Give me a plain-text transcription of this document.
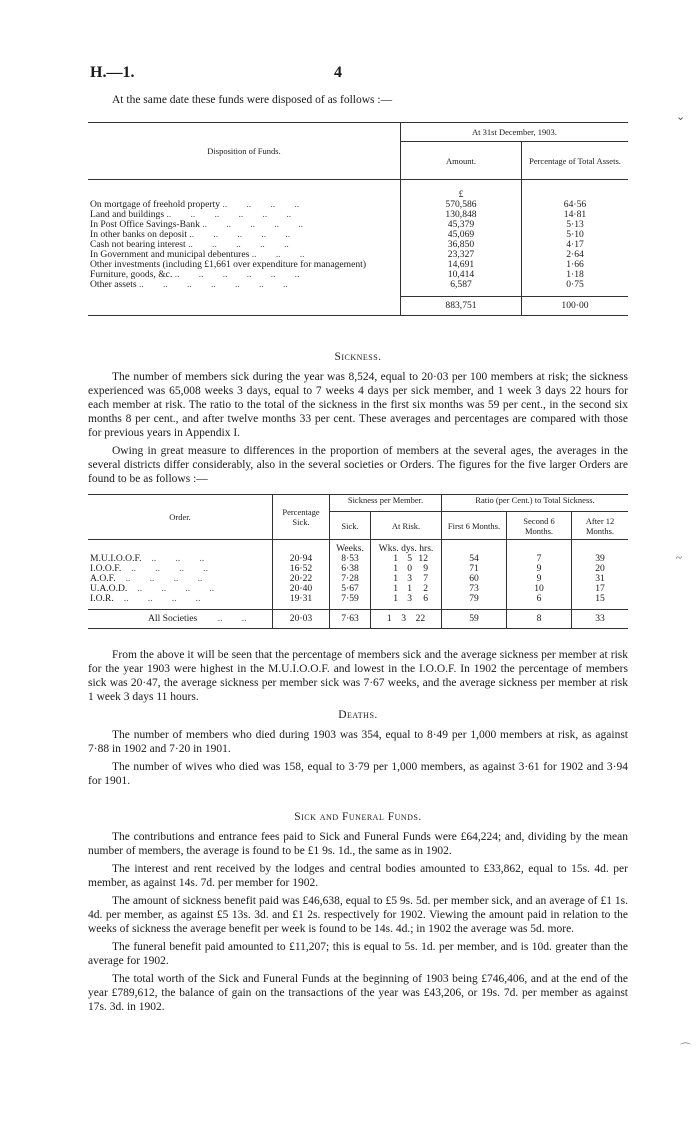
H.—1.	4
At the same date these funds were disposed of as follows :—
Disposition of Funds.	At 31st December, 1903.	
	Amount.	Percentage of Total Assets.
	£	
On mortgage of freehold property ..        ..        ..        ..	570,586	64·56
Land and buildings ..        ..        ..        ..        ..        ..	130,848	14·81
In Post Office Savings-Bank ..        ..        ..        ..        ..	45,379	5·13
In other banks on deposit ..        ..        ..        ..        ..	45,069	5·10
Cash not bearing interest ..        ..        ..        ..        ..	36,850	4·17
In Government and municipal debentures ..        ..        ..	23,327	2·64
Other investments (including £1,661 over expenditure for management)	14,691	1·66
Furniture, goods, &c. ..        ..        ..        ..        ..        ..	10,414	1·18
Other assets ..        ..        ..        ..        ..        ..        ..	6,587	0·75

	883,751	100·00
Sickness.

The number of members sick during the year was 8,524, equal to 20·03 per 100 members at risk; the sickness experienced was 65,008 weeks 3 days, equal to 7 weeks 4 days per sick member, and 1 week 3 days 22 hours for each member at risk. The ratio to the total of the sickness in the first six months was 59 per cent., in the second six months 8 per cent., and after twelve months 33 per cent. These averages and percentages are compared with those for previous years in Appendix I.

Owing in great measure to differences in the proportion of members at the several ages, the averages in the several districts differ considerably, also in the several societies or Orders. The figures for the five larger Orders are found to be as follows :—

Order.	Percentage Sick.	Sickness per Member.		Ratio (per Cent.) to Total Sickness.		
		Sick.	At Risk.	First 6 Months.	Second 6 Months.	After 12 Months.
		Weeks.	Wks. dys. hrs.			
M.U.I.O.O.F. ..        ..        ..	20·94	8·53	1 5 12	54	7	39
I.O.O.F. ..        ..        ..        ..	16·52	6·38	1 0 9	71	9	20
A.O.F. ..        ..        ..        ..	20·22	7·28	1 3 7	60	9	31
U.A.O.D. ..        ..        ..        ..	20·40	5·67	1 1 2	73	10	17
I.O.R. ..        ..        ..        ..	19·31	7·59	1 3 6	79	6	15

All Societies ..        ..	20·03	7·63	1 3 22	59	8	33

From the above it will be seen that the percentage of members sick and the average sickness per member at risk for the year 1903 were highest in the M.U.I.O.O.F. and lowest in the I.O.O.F. In 1902 the percentage of members sick was 20·47, the average sickness per member sick was 7·67 weeks, and the average sickness per member at risk 1 week 3 days 11 hours.

Deaths.

The number of members who died during 1903 was 354, equal to 8·49 per 1,000 members at risk, as against 7·88 in 1902 and 7·20 in 1901.

The number of wives who died was 158, equal to 3·79 per 1,000 members, as against 3·61 for 1902 and 3·94 for 1901.

Sick and Funeral Funds.

The contributions and entrance fees paid to Sick and Funeral Funds were £64,224; and, dividing by the mean number of members, the average is found to be £1 9s. 1d., the same as in 1902.

The interest and rent received by the lodges and central bodies amounted to £33,862, equal to 15s. 4d. per member, as against 14s. 7d. per member for 1902.

The amount of sickness benefit paid was £46,638, equal to £5 9s. 5d. per member sick, and an average of £1 1s. 4d. per member, as against £5 13s. 3d. and £1 2s. respectively for 1902. Viewing the amount paid in relation to the weeks of sickness the average benefit per week is found to be 14s. 4d.; in 1902 the average was 5d. more.

The funeral benefit paid amounted to £11,207; this is equal to 5s. 1d. per member, and is 10d. greater than the average for 1902.

The total worth of the Sick and Funeral Funds at the beginning of 1903 being £746,406, and at the end of the year £789,612, the balance of gain on the transactions of the year was £43,206, or 19s. 7d. per member as against 17s. 3d. in 1902.

⌄
~
⌒
